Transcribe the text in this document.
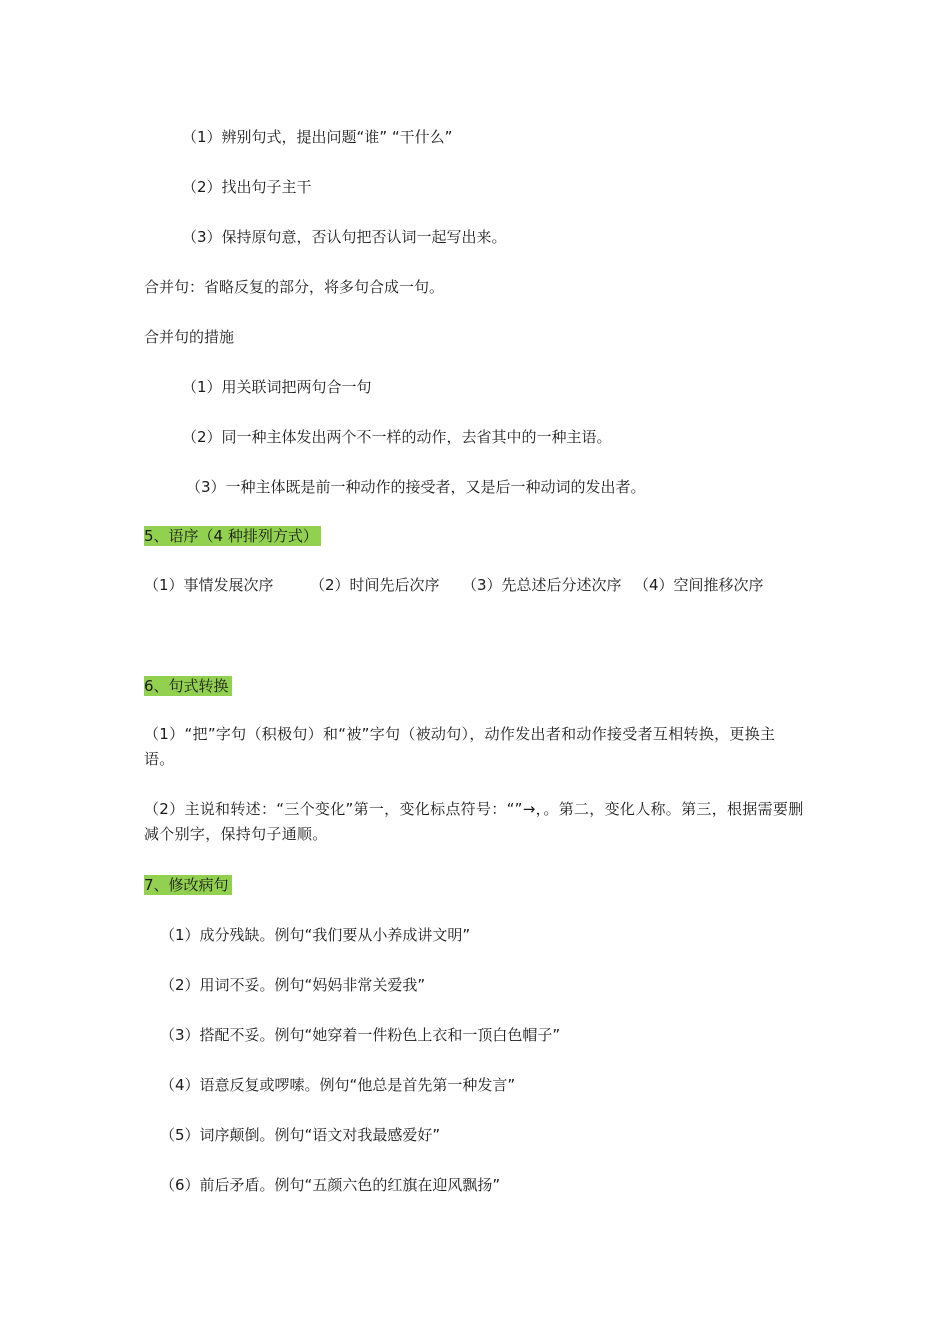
（1）辨别句式，提出问题“谁” “干什么”
（2）找出句子主干
（3）保持原句意，否认句把否认词一起写出来。
合并句：省略反复的部分，将多句合成一句。
合并句的措施
（1）用关联词把两句合一句
（2）同一种主体发出两个不一样的动作，去省其中的一种主语。
（3）一种主体既是前一种动作的接受者，又是后一种动词的发出者。
5、语序（4 种排列方式）
（1）事情发展次序 （2）时间先后次序 （3）先总述后分述次序 （4）空间推移次序
6、句式转换
（1）“把”字句（积极句）和“被”字句（被动句），动作发出者和动作接受者互相转换，更换主语。
（2）主说和转述：“三个变化”第一，变化标点符号：“”→，。第二，变化人称。第三，根据需要删减个别字，保持句子通顺。
7、修改病句
（1）成分残缺。例句“我们要从小养成讲文明”
（2）用词不妥。例句“妈妈非常关爱我”
（3）搭配不妥。例句“她穿着一件粉色上衣和一顶白色帽子”
（4）语意反复或啰嗦。例句“他总是首先第一种发言”
（5）词序颠倒。例句“语文对我最感爱好”
（6）前后矛盾。例句“五颜六色的红旗在迎风飘扬”
